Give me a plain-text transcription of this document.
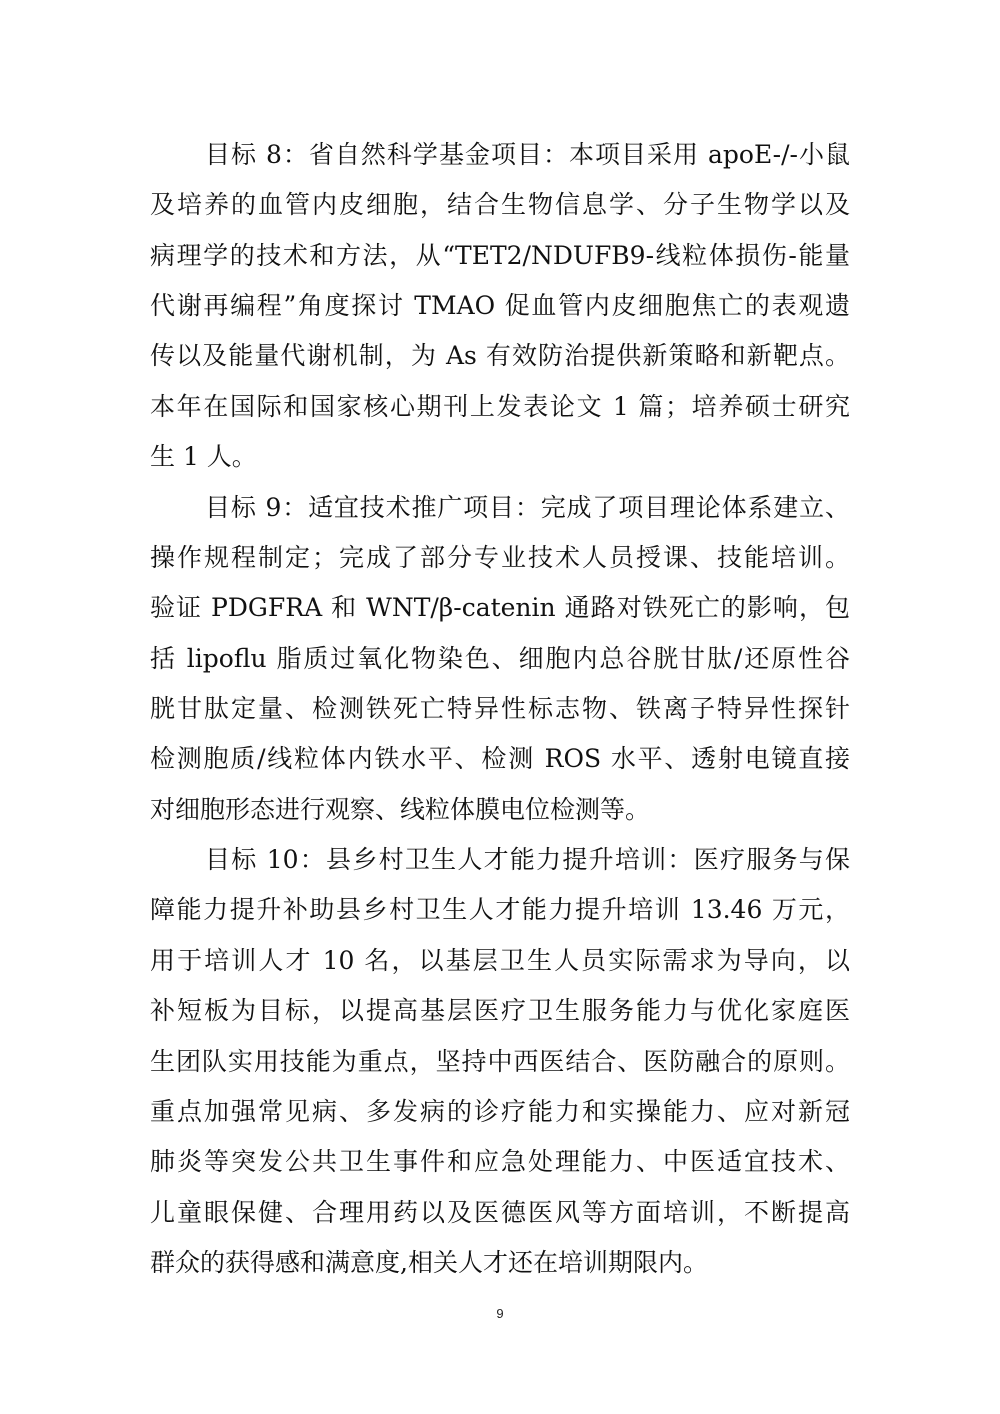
目标 8：省自然科学基金项目：本项目采用 apoE-/-小鼠
及培养的血管内皮细胞，结合生物信息学、分子生物学以及
病理学的技术和方法，从“TET2/NDUFB9-线粒体损伤-能量
代谢再编程”角度探讨 TMAO 促血管内皮细胞焦亡的表观遗
传以及能量代谢机制，为 As 有效防治提供新策略和新靶点。
本年在国际和国家核心期刊上发表论文 1 篇；培养硕士研究
生 1 人。
目标 9：适宜技术推广项目：完成了项目理论体系建立、
操作规程制定；完成了部分专业技术人员授课、技能培训。
验证 PDGFRA 和 WNT/β-catenin 通路对铁死亡的影响，包
括 lipoflu 脂质过氧化物染色、细胞内总谷胱甘肽/还原性谷
胱甘肽定量、检测铁死亡特异性标志物、铁离子特异性探针
检测胞质/线粒体内铁水平、检测 ROS 水平、透射电镜直接
对细胞形态进行观察、线粒体膜电位检测等。
目标 10：县乡村卫生人才能力提升培训：医疗服务与保
障能力提升补助县乡村卫生人才能力提升培训 13.46 万元，
用于培训人才 10 名，以基层卫生人员实际需求为导向，以
补短板为目标，以提高基层医疗卫生服务能力与优化家庭医
生团队实用技能为重点，坚持中西医结合、医防融合的原则。
重点加强常见病、多发病的诊疗能力和实操能力、应对新冠
肺炎等突发公共卫生事件和应急处理能力、中医适宜技术、
儿童眼保健、合理用药以及医德医风等方面培训，不断提高
群众的获得感和满意度,相关人才还在培训期限内。
9
